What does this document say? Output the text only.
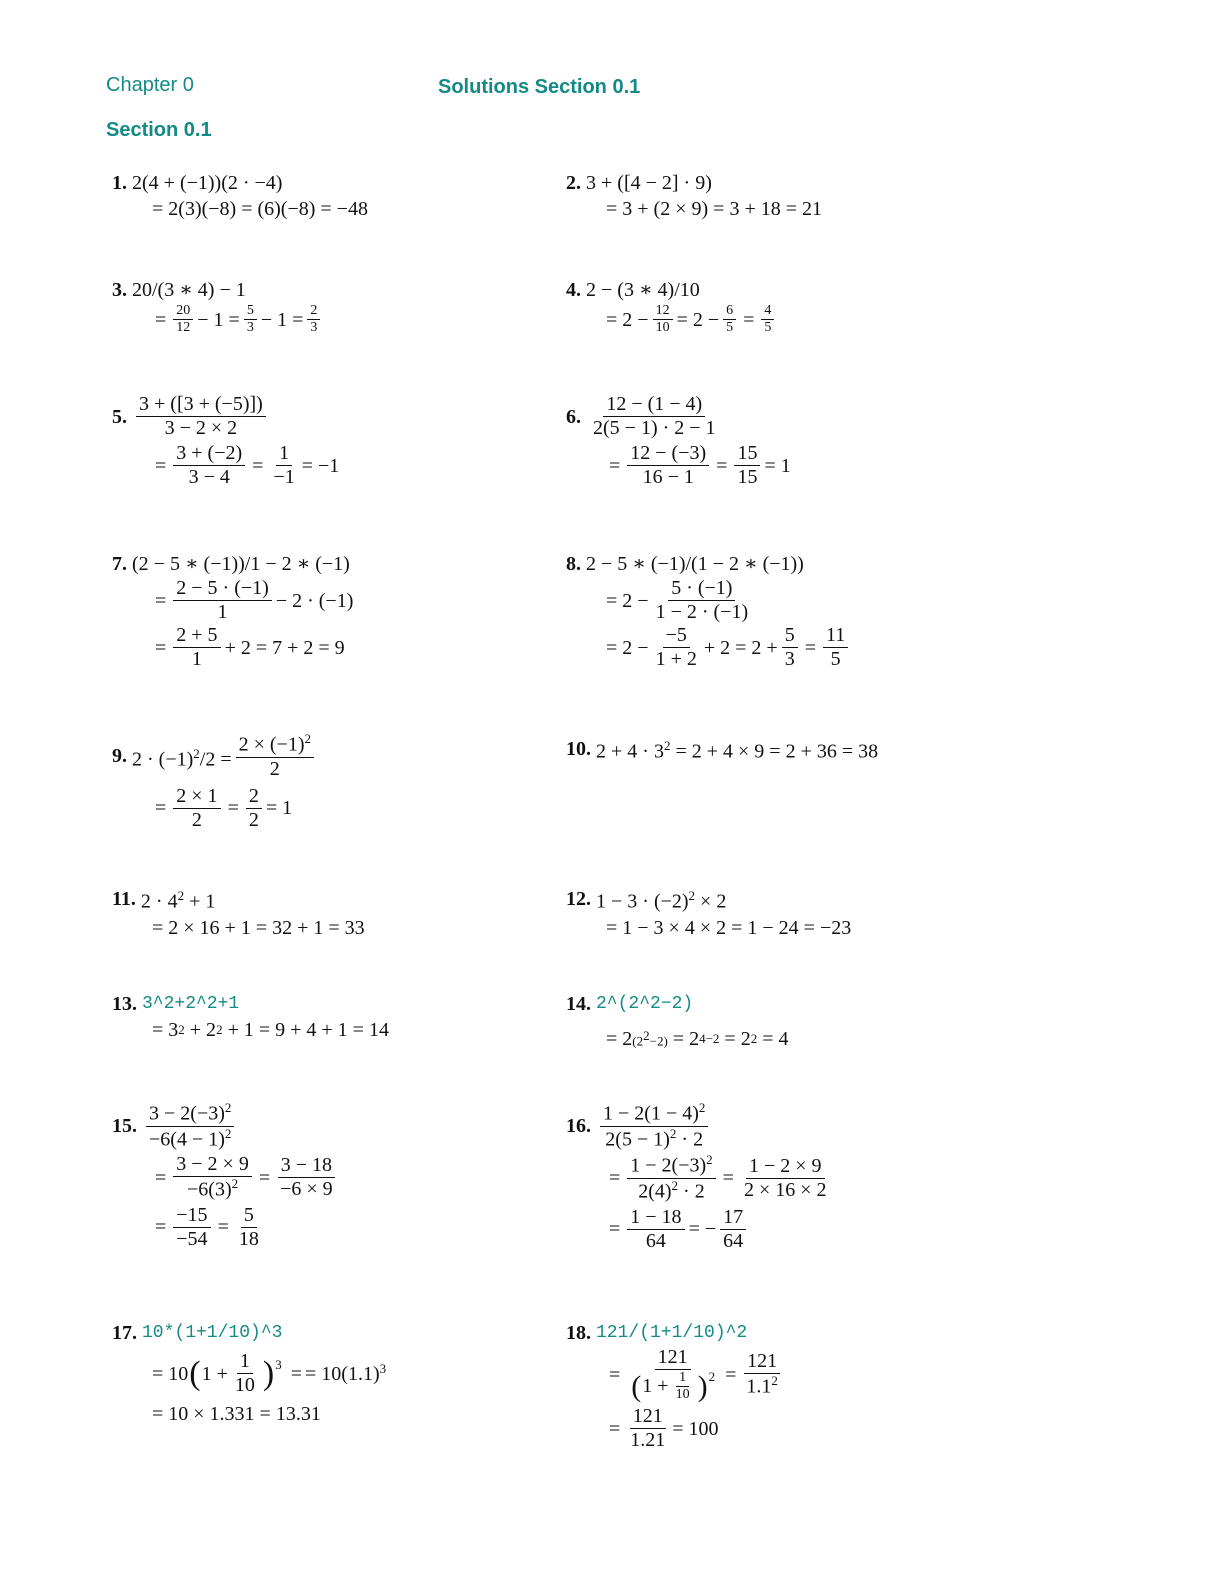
Chapter 0	Solutions Section 0.1
Section 0.1
1. 2(4 + (−1))(2 · −4)
= 2(3)(−8) = (6)(−8) = −48
2. 3 + ([4 − 2] · 9)
= 3 + (2 × 9) = 3 + 18 = 21
3. 20/(3 ∗ 4) − 1
= $\frac{20}{12} - 1 = \frac{5}{3} - 1 = \frac{2}{3}$
4. 2 − (3 ∗ 4)/10
= $2 - \frac{12}{10} = 2 - \frac{6}{5} = \frac{4}{5}$
5. $\frac{3 + ([3 + (-5)])}{3 - 2 \times 2}$
= $\frac{3 + (-2)}{3 - 4} = \frac{1}{-1} = -1$
6. $\frac{12 - (1 - 4)}{2(5 - 1) \cdot 2 - 1}$
= $\frac{12 - (-3)}{16 - 1} = \frac{15}{15} = 1$
7. (2 − 5 ∗ (−1))/1 − 2 ∗ (−1)
= $\frac{2 - 5 \cdot (-1)}{1} - 2 \cdot (-1)$
= $\frac{2 + 5}{1} + 2 = 7 + 2 = 9$
8. 2 − 5 ∗ (−1)/(1 − 2 ∗ (−1))
= $2 - \frac{5 \cdot (-1)}{1 - 2 \cdot (-1)}$
= $2 - \frac{-5}{1 + 2} + 2 = 2 + \frac{5}{3} = \frac{11}{5}$
9. $2 \cdot (-1)^2/2 = \frac{2 \times (-1)^2}{2}$
= $\frac{2 \times 1}{2} = \frac{2}{2} = 1$
10. $2 + 4 \cdot 3^2 = 2 + 4 \times 9 = 2 + 36 = 38$
11. $2 \cdot 4^2 + 1$
= 2 × 16 + 1 = 32 + 1 = 33
12. $1 - 3 \cdot (-2)^2 \times 2$
= 1 − 3 × 4 × 2 = 1 − 24 = −23
13. 3^2+2^2+1
= 3 2
+ 2 2
+ 1 = 9 + 4 + 1 = 14
14. 2^(2^2−2)
= 2 $(2^2-2)$
= 2 4−2
= 2 2
= 4
15. $\frac{3 - 2(-3)^2}{-6(4 - 1)^2}$
= $\frac{3 - 2 \times 9}{-6(3)^2} = \frac{3 - 18}{-6 \times 9}$
= $\frac{-15}{-54} = \frac{5}{18}$
16. $\frac{1 - 2(1 - 4)^2}{2(5 - 1)^2 \cdot 2}$
= $\frac{1 - 2(-3)^2}{2(4)^2 \cdot 2} = \frac{1 - 2 \times 9}{2 \times 16 \times 2}$
= $\frac{1 - 18}{64}$ = − $\frac{17}{64}$
17. 10*(1+1/10)^3
= 10 ( $1 + \frac{1}{10} )^3$ = = $10(1.1)^3$
= 10 × 1.331 = 13.31
18. 121/(1+1/10)^2
= $\frac{121}{( 1 + \frac{1}{10} )^2} = \frac{121}{1.1^2}$
= $\frac{121}{1.21} = 100$
